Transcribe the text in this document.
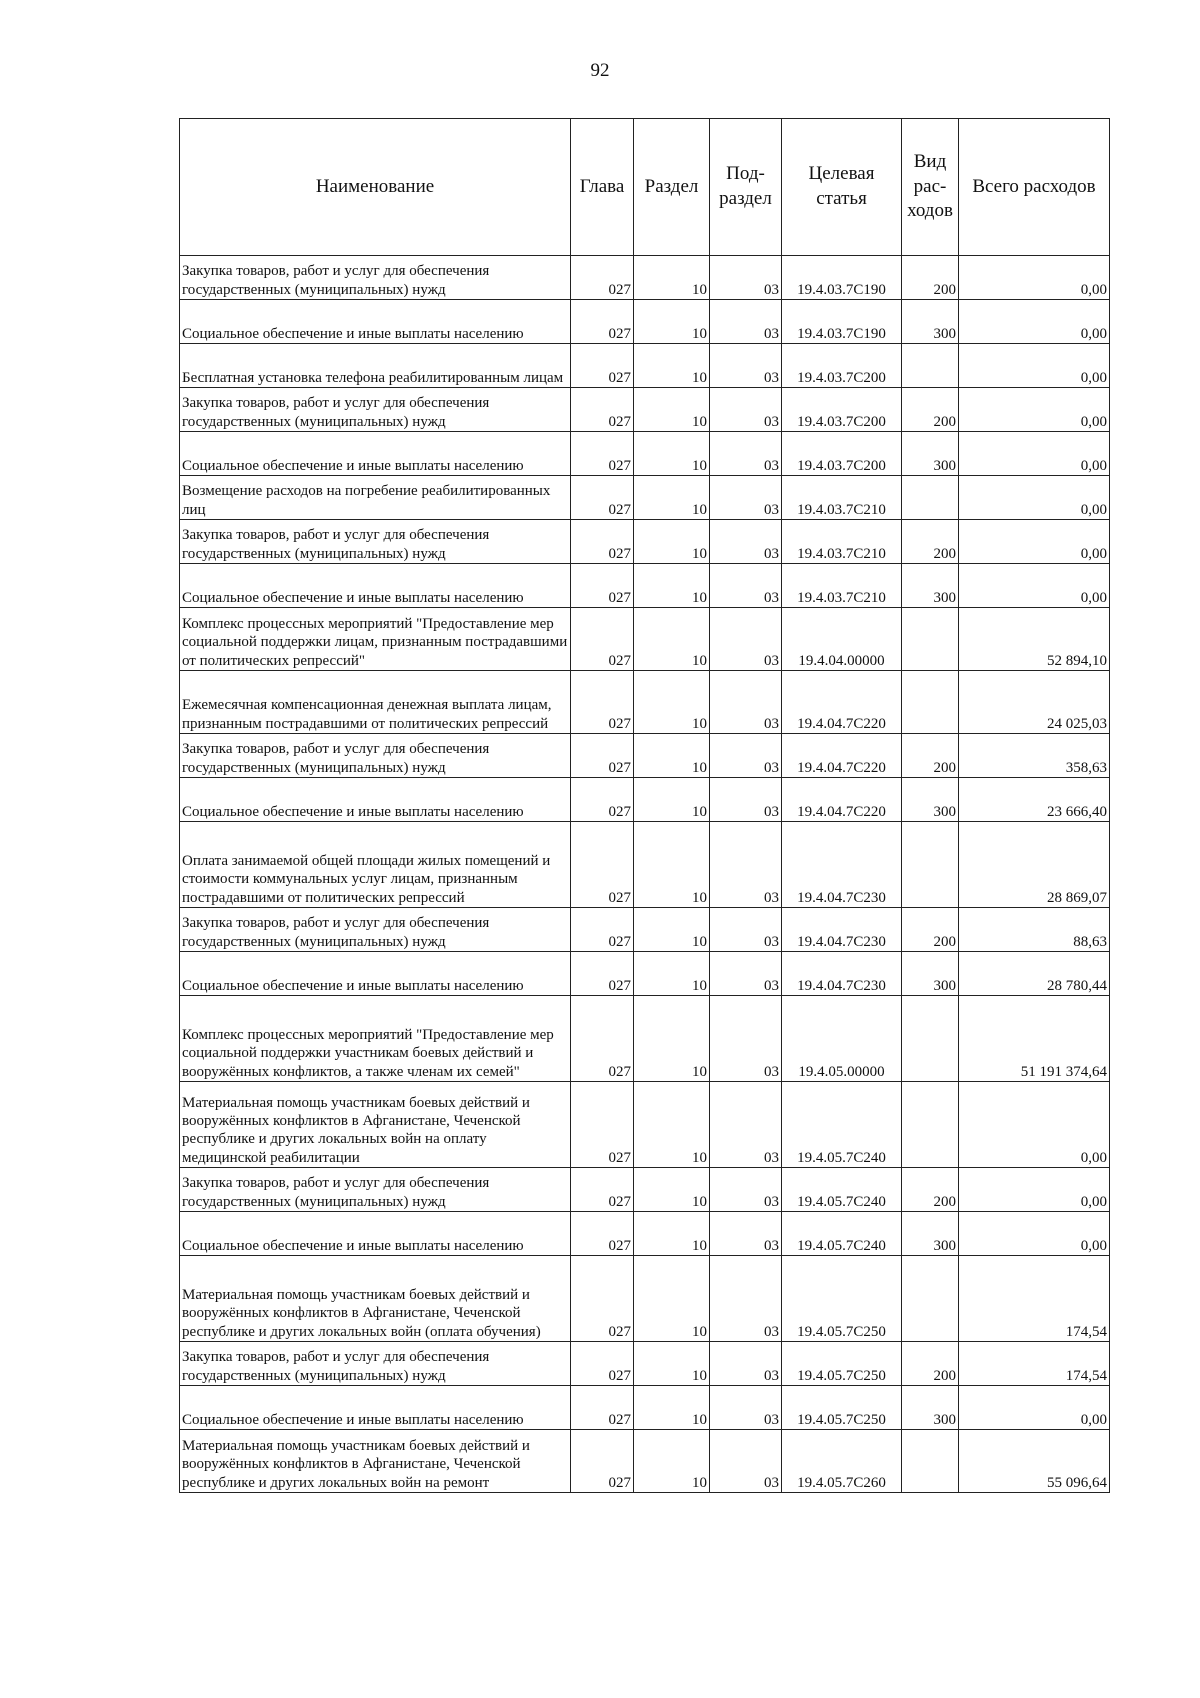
92
Наименование	Глава	Раздел	Под-раздел	Целевая статья	Вид рас-ходов	Всего расходов
Закупка товаров, работ и услуг для обеспечения государственных (муниципальных) нужд	027	10	03	19.4.03.7С190	200	0,00
Социальное обеспечение и иные выплаты населению	027	10	03	19.4.03.7С190	300	0,00
Бесплатная установка телефона реабилитированным лицам	027	10	03	19.4.03.7С200		0,00
Закупка товаров, работ и услуг для обеспечения государственных (муниципальных) нужд	027	10	03	19.4.03.7С200	200	0,00
Социальное обеспечение и иные выплаты населению	027	10	03	19.4.03.7С200	300	0,00
Возмещение расходов на погребение реабилитированных лиц	027	10	03	19.4.03.7С210		0,00
Закупка товаров, работ и услуг для обеспечения государственных (муниципальных) нужд	027	10	03	19.4.03.7С210	200	0,00
Социальное обеспечение и иные выплаты населению	027	10	03	19.4.03.7С210	300	0,00
Комплекс процессных мероприятий "Предоставление мер социальной поддержки лицам, признанным пострадавшими от политических репрессий"	027	10	03	19.4.04.00000		52 894,10
Ежемесячная компенсационная денежная выплата лицам, признанным пострадавшими от политических репрессий	027	10	03	19.4.04.7С220		24 025,03
Закупка товаров, работ и услуг для обеспечения государственных (муниципальных) нужд	027	10	03	19.4.04.7С220	200	358,63
Социальное обеспечение и иные выплаты населению	027	10	03	19.4.04.7С220	300	23 666,40
Оплата занимаемой общей площади жилых помещений и стоимости коммунальных услуг лицам, признанным пострадавшими от политических репрессий	027	10	03	19.4.04.7С230		28 869,07
Закупка товаров, работ и услуг для обеспечения государственных (муниципальных) нужд	027	10	03	19.4.04.7С230	200	88,63
Социальное обеспечение и иные выплаты населению	027	10	03	19.4.04.7С230	300	28 780,44
Комплекс процессных мероприятий "Предоставление мер социальной поддержки участникам боевых действий и вооружённых конфликтов, а также членам их семей"	027	10	03	19.4.05.00000		51 191 374,64
Материальная помощь участникам боевых действий и вооружённых конфликтов в Афганистане, Чеченской республике и других локальных войн на оплату медицинской реабилитации	027	10	03	19.4.05.7С240		0,00
Закупка товаров, работ и услуг для обеспечения государственных (муниципальных) нужд	027	10	03	19.4.05.7С240	200	0,00
Социальное обеспечение и иные выплаты населению	027	10	03	19.4.05.7С240	300	0,00
Материальная помощь участникам боевых действий и вооружённых конфликтов в Афганистане, Чеченской республике и других локальных войн (оплата обучения)	027	10	03	19.4.05.7С250		174,54
Закупка товаров, работ и услуг для обеспечения государственных (муниципальных) нужд	027	10	03	19.4.05.7С250	200	174,54
Социальное обеспечение и иные выплаты населению	027	10	03	19.4.05.7С250	300	0,00
Материальная помощь участникам боевых действий и вооружённых конфликтов в Афганистане, Чеченской республике и других локальных войн на ремонт	027	10	03	19.4.05.7С260		55 096,64
